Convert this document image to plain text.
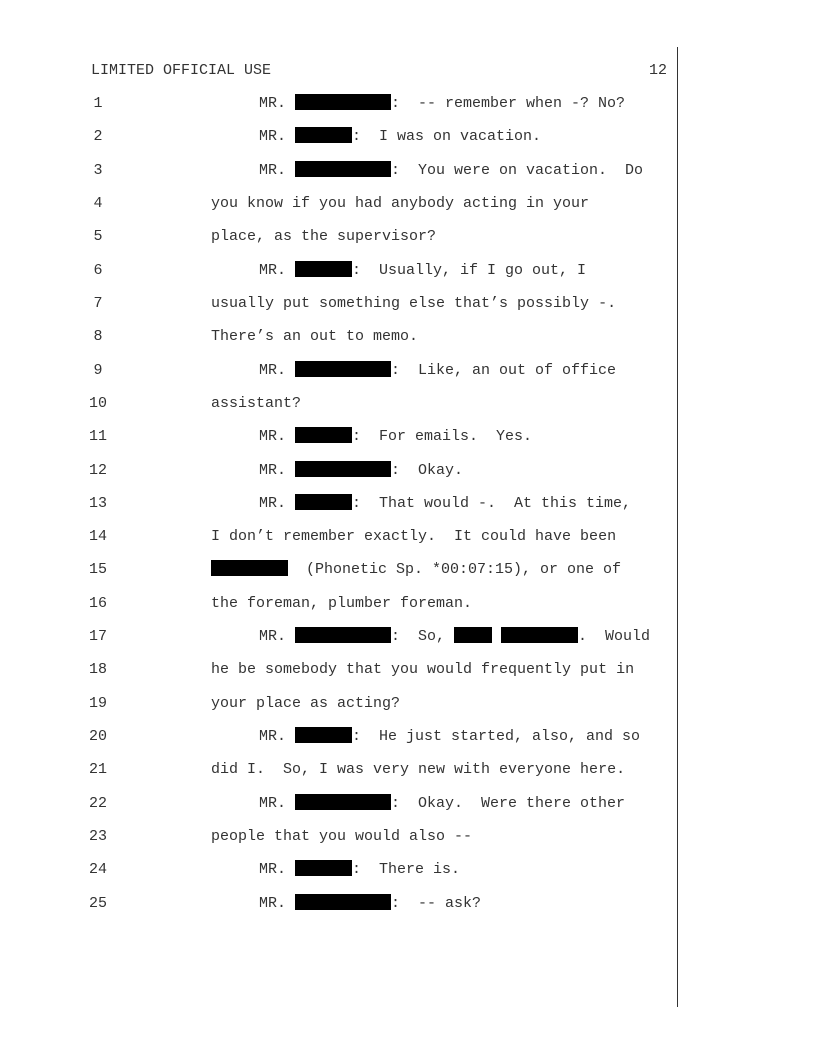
LIMITED OFFICIAL USE	12
1	MR.	:  -- remember when -? No?
2	MR.	:  I was on vacation.
3	MR.	:  You were on vacation.  Do
4	you know if you had anybody acting in your
5	place, as the supervisor?
6	MR.	:  Usually, if I go out, I
7	usually put something else that’s possibly -.
8	There’s an out to memo.
9	MR.	:  Like, an out of office
10	assistant?
11	MR.	:  For emails.  Yes.
12	MR.	:  Okay.
13	MR.	:  That would -.  At this time,
14	I don’t remember exactly.  It could have been
15	(Phonetic Sp. *00:07:15), or one of
16	the foreman, plumber foreman.
17	MR.	:  So,	.  Would
18	he be somebody that you would frequently put in
19	your place as acting?
20	MR.	:  He just started, also, and so
21	did I.  So, I was very new with everyone here.
22	MR.	:  Okay.  Were there other
23	people that you would also --
24	MR.	:  There is.
25	MR.	:  -- ask?
